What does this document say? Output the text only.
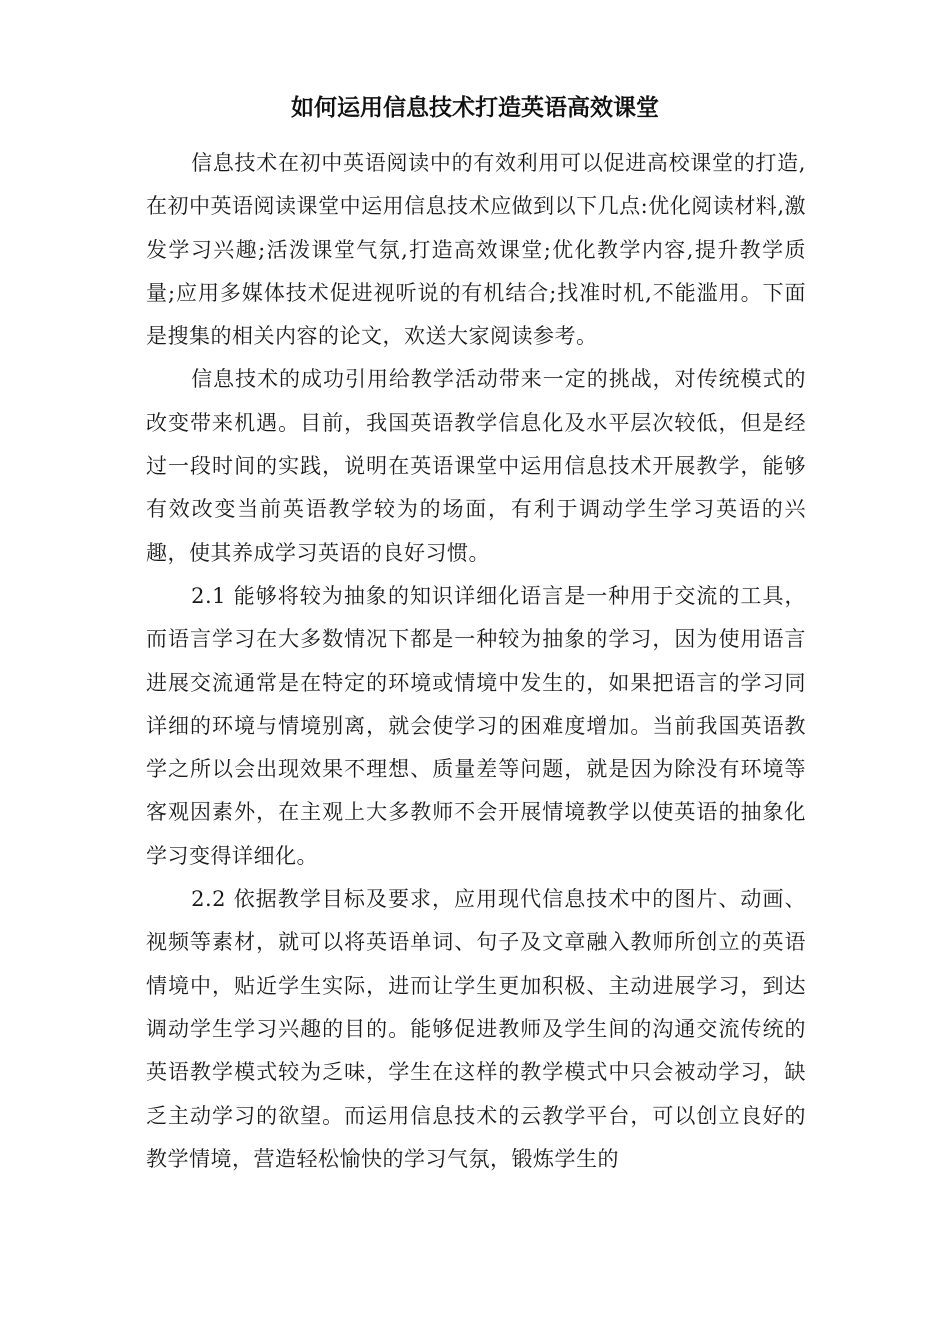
如何运用信息技术打造英语高效课堂

信息技术在初中英语阅读中的有效利用可以促进高校课堂的打造,在初中英语阅读课堂中运用信息技术应做到以下几点:优化阅读材料,激发学习兴趣;活泼课堂气氛,打造高效课堂;优化教学内容,提升教学质量;应用多媒体技术促进视听说的有机结合;找准时机,不能滥用。下面是搜集的相关内容的论文，欢送大家阅读参考。

信息技术的成功引用给教学活动带来一定的挑战，对传统模式的改变带来机遇。目前，我国英语教学信息化及水平层次较低，但是经过一段时间的实践，说明在英语课堂中运用信息技术开展教学，能够有效改变当前英语教学较为的场面，有利于调动学生学习英语的兴趣，使其养成学习英语的良好习惯。

2.1 能够将较为抽象的知识详细化语言是一种用于交流的工具，而语言学习在大多数情况下都是一种较为抽象的学习，因为使用语言进展交流通常是在特定的环境或情境中发生的，如果把语言的学习同详细的环境与情境别离，就会使学习的困难度增加。当前我国英语教学之所以会出现效果不理想、质量差等问题，就是因为除没有环境等客观因素外，在主观上大多教师不会开展情境教学以使英语的抽象化学习变得详细化。

2.2 依据教学目标及要求，应用现代信息技术中的图片、动画、视频等素材，就可以将英语单词、句子及文章融入教师所创立的英语情境中，贴近学生实际，进而让学生更加积极、主动进展学习，到达调动学生学习兴趣的目的。能够促进教师及学生间的沟通交流传统的英语教学模式较为乏味，学生在这样的教学模式中只会被动学习，缺乏主动学习的欲望。而运用信息技术的云教学平台，可以创立良好的教学情境，营造轻松愉快的学习气氛，锻炼学生的
